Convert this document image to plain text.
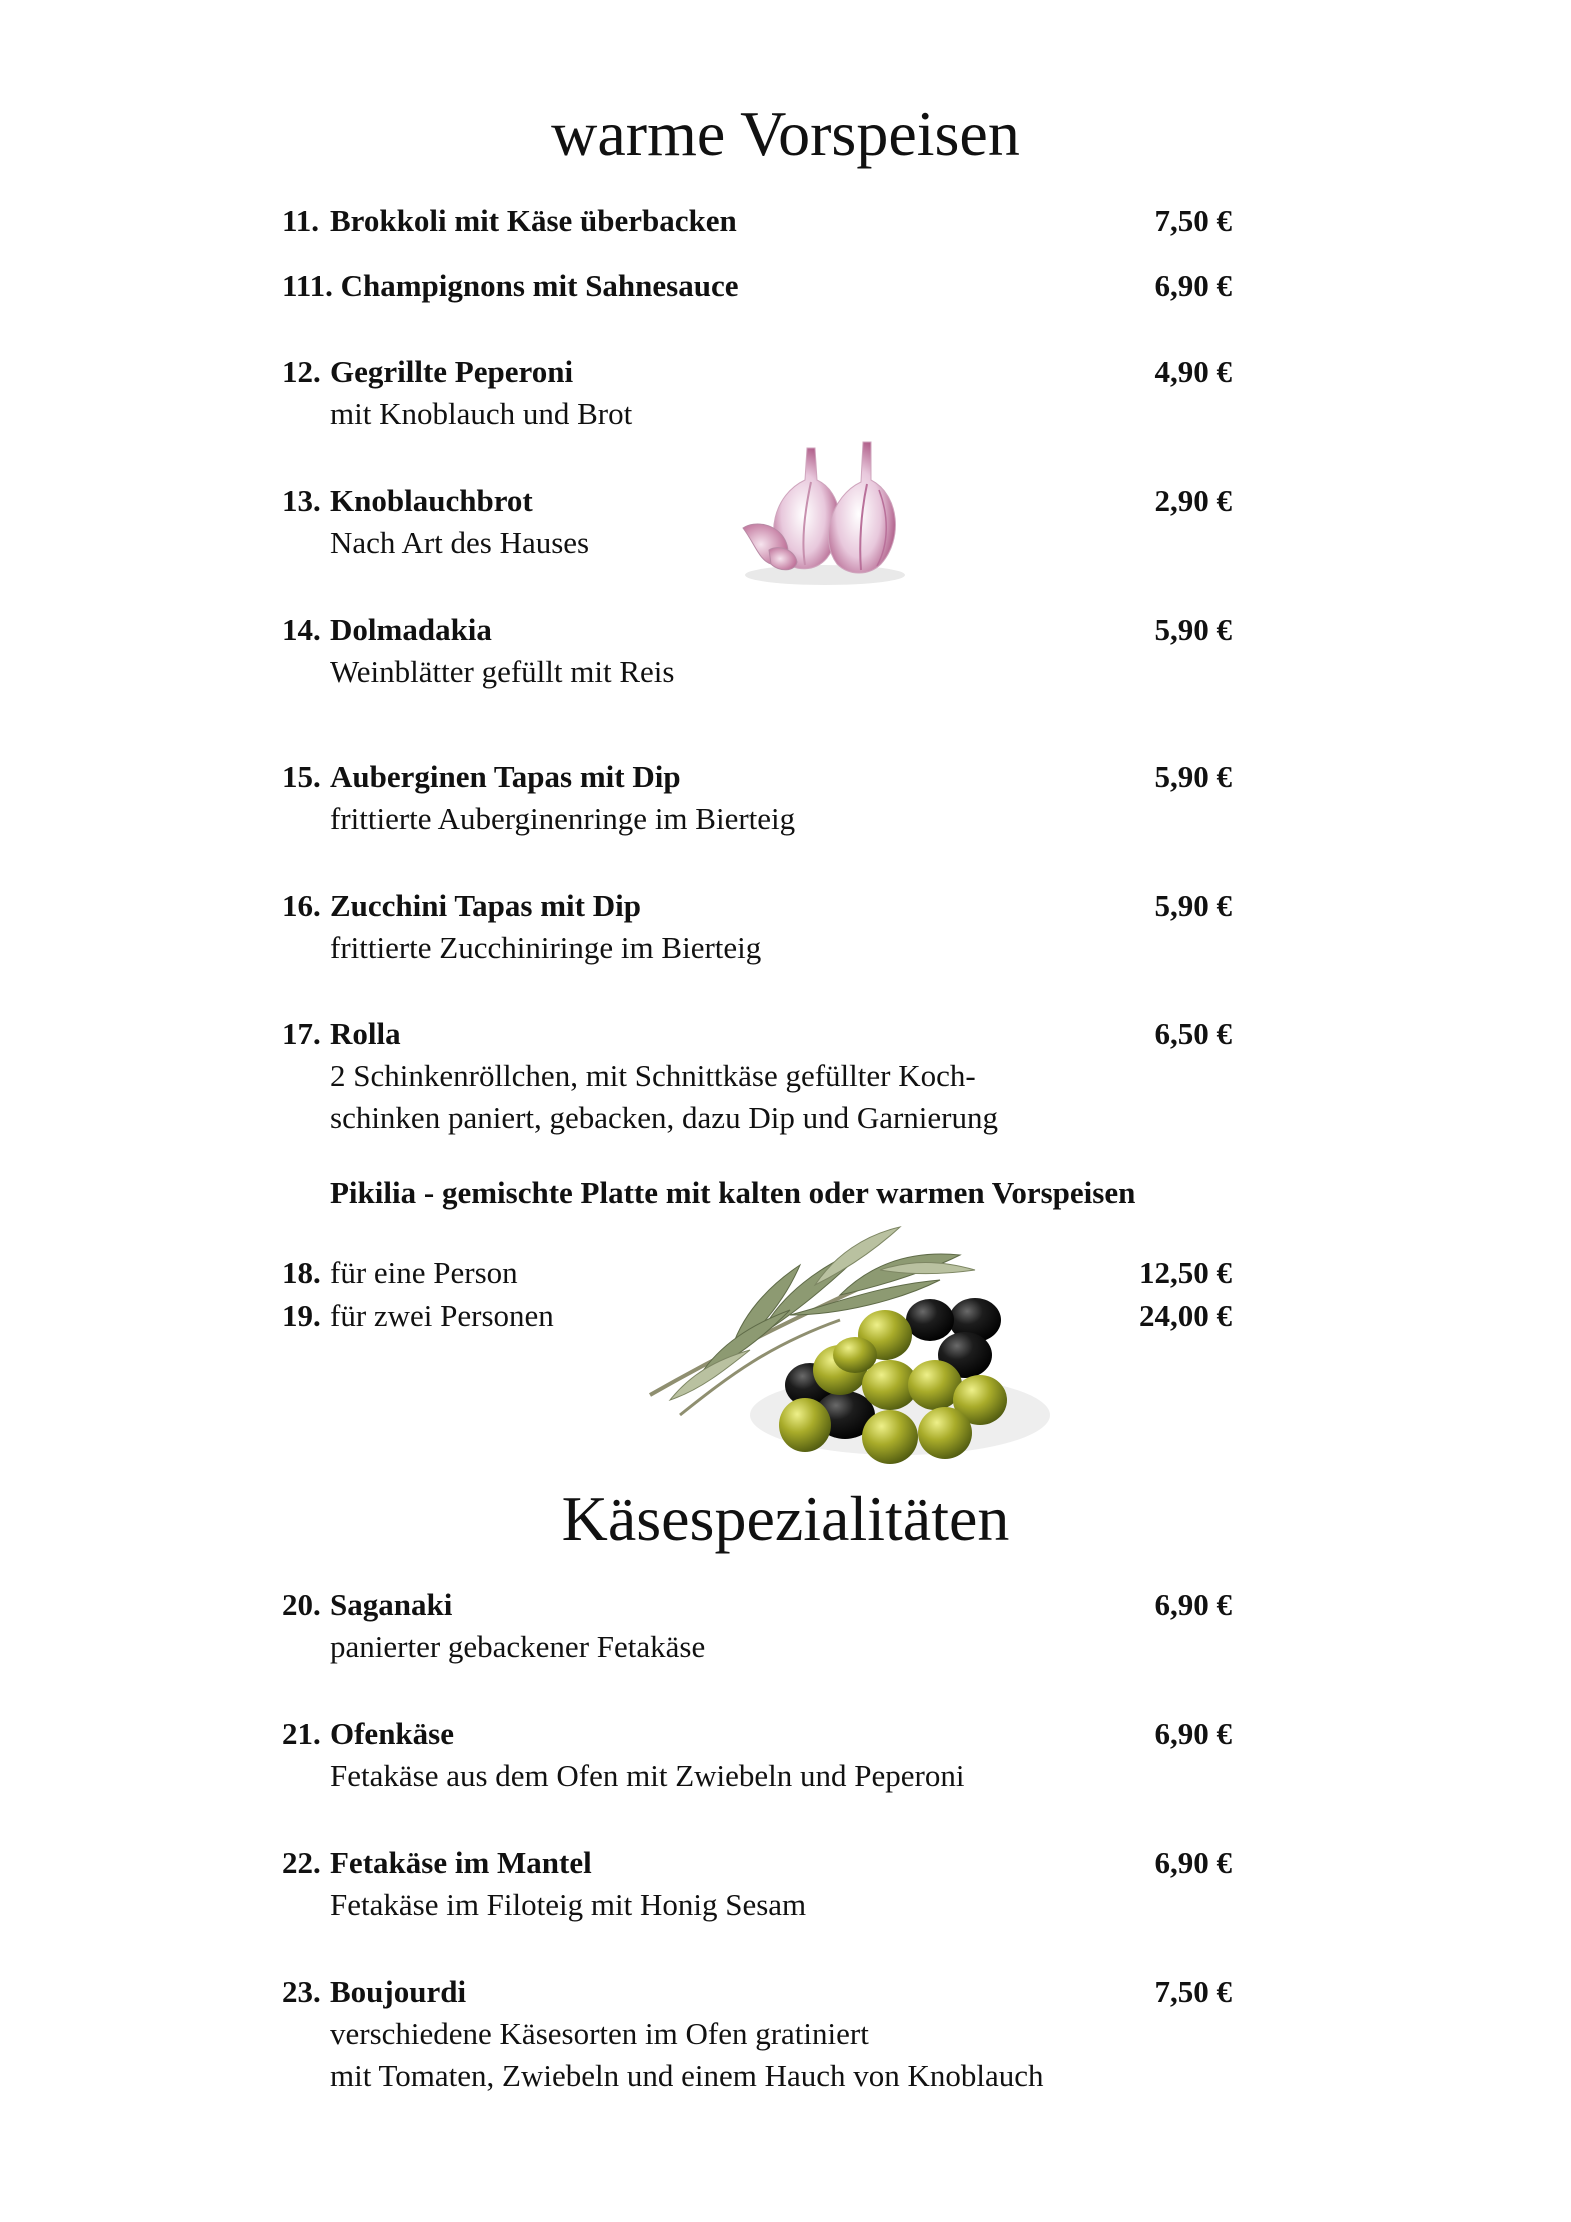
warme Vorspeisen
11. Brokkoli mit Käse überbacken	7,50 €
111. Champignons mit Sahnesauce	6,90 €
12. Gegrillte Peperoni	4,90 €
mit Knoblauch und Brot
13. Knoblauchbrot	2,90 €
Nach Art des Hauses
14. Dolmadakia	5,90 €
Weinblätter gefüllt mit Reis
15. Auberginen Tapas mit Dip	5,90 €
frittierte Auberginenringe im Bierteig
16. Zucchini Tapas mit Dip	5,90 €
frittierte Zucchiniringe im Bierteig
17. Rolla	6,50 €
2 Schinkenröllchen, mit Schnittkäse gefüllter Koch-
schinken paniert, gebacken, dazu Dip und Garnierung
Pikilia - gemischte Platte mit kalten oder warmen Vorspeisen
18. für eine Person	12,50 €
19. für zwei Personen	24,00 €
Käsespezialitäten
20. Saganaki	6,90 €
panierter gebackener Fetakäse
21. Ofenkäse	6,90 €
Fetakäse aus dem Ofen mit Zwiebeln und Peperoni
22. Fetakäse im Mantel	6,90 €
Fetakäse im Filoteig mit Honig Sesam
23. Boujourdi	7,50 €
verschiedene Käsesorten im Ofen gratiniert
mit Tomaten, Zwiebeln und einem Hauch von Knoblauch
